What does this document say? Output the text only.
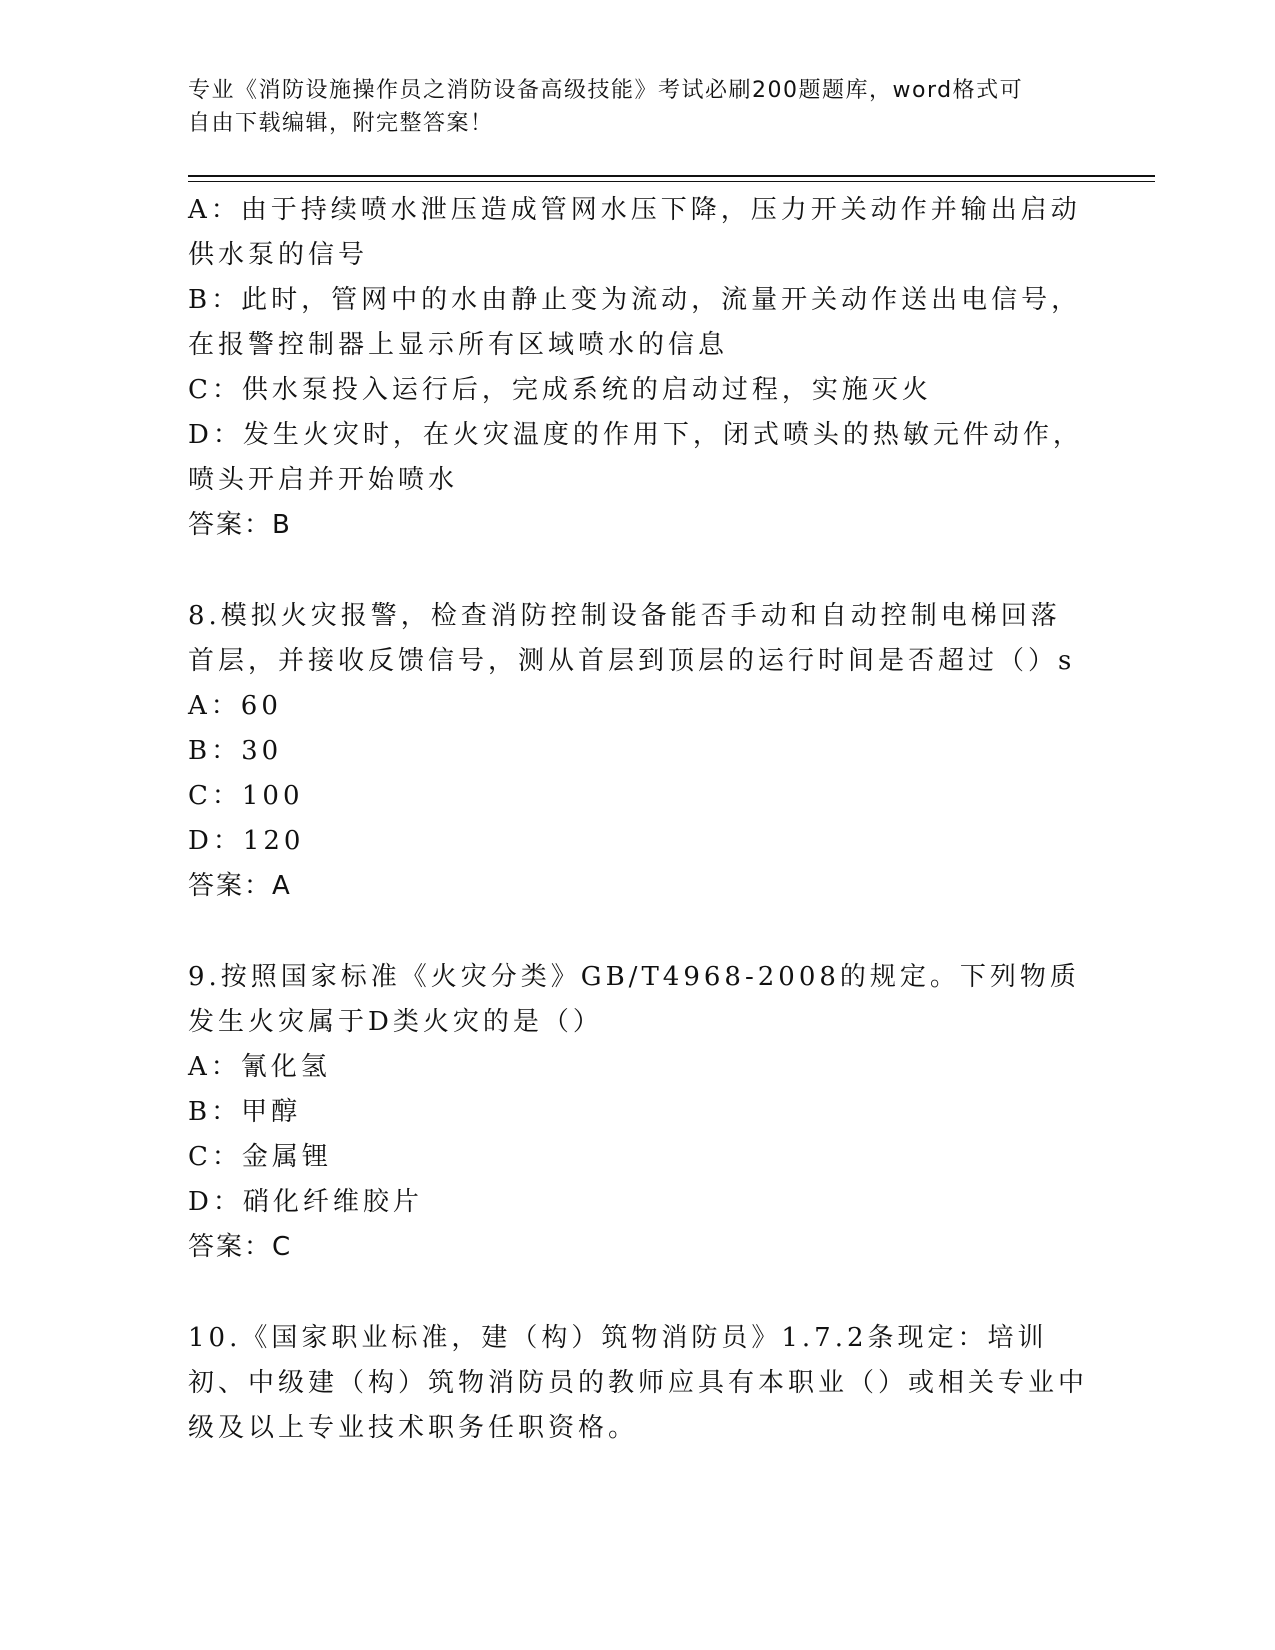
专业《消防设施操作员之消防设备高级技能》考试必刷200题题库，word格式可
自由下载编辑，附完整答案！
A：由于持续喷水泄压造成管网水压下降，压力开关动作并输出启动供水泵的信号
B：此时，管网中的水由静止变为流动，流量开关动作送出电信号，在报警控制器上显示所有区域喷水的信息
C：供水泵投入运行后，完成系统的启动过程，实施灭火
D：发生火灾时，在火灾温度的作用下，闭式喷头的热敏元件动作，喷头开启并开始喷水
答案：B
8.模拟火灾报警，检查消防控制设备能否手动和自动控制电梯回落首层，并接收反馈信号，测从首层到顶层的运行时间是否超过（）s
A：60
B：30
C：100
D：120
答案：A
9.按照国家标准《火灾分类》GB/T4968-2008的规定。下列物质发生火灾属于D类火灾的是（）
A：氰化氢
B：甲醇
C：金属锂
D：硝化纤维胶片
答案：C
10.《国家职业标准，建（构）筑物消防员》1.7.2条现定：培训初、中级建（构）筑物消防员的教师应具有本职业（）或相关专业中级及以上专业技术职务任职资格。
